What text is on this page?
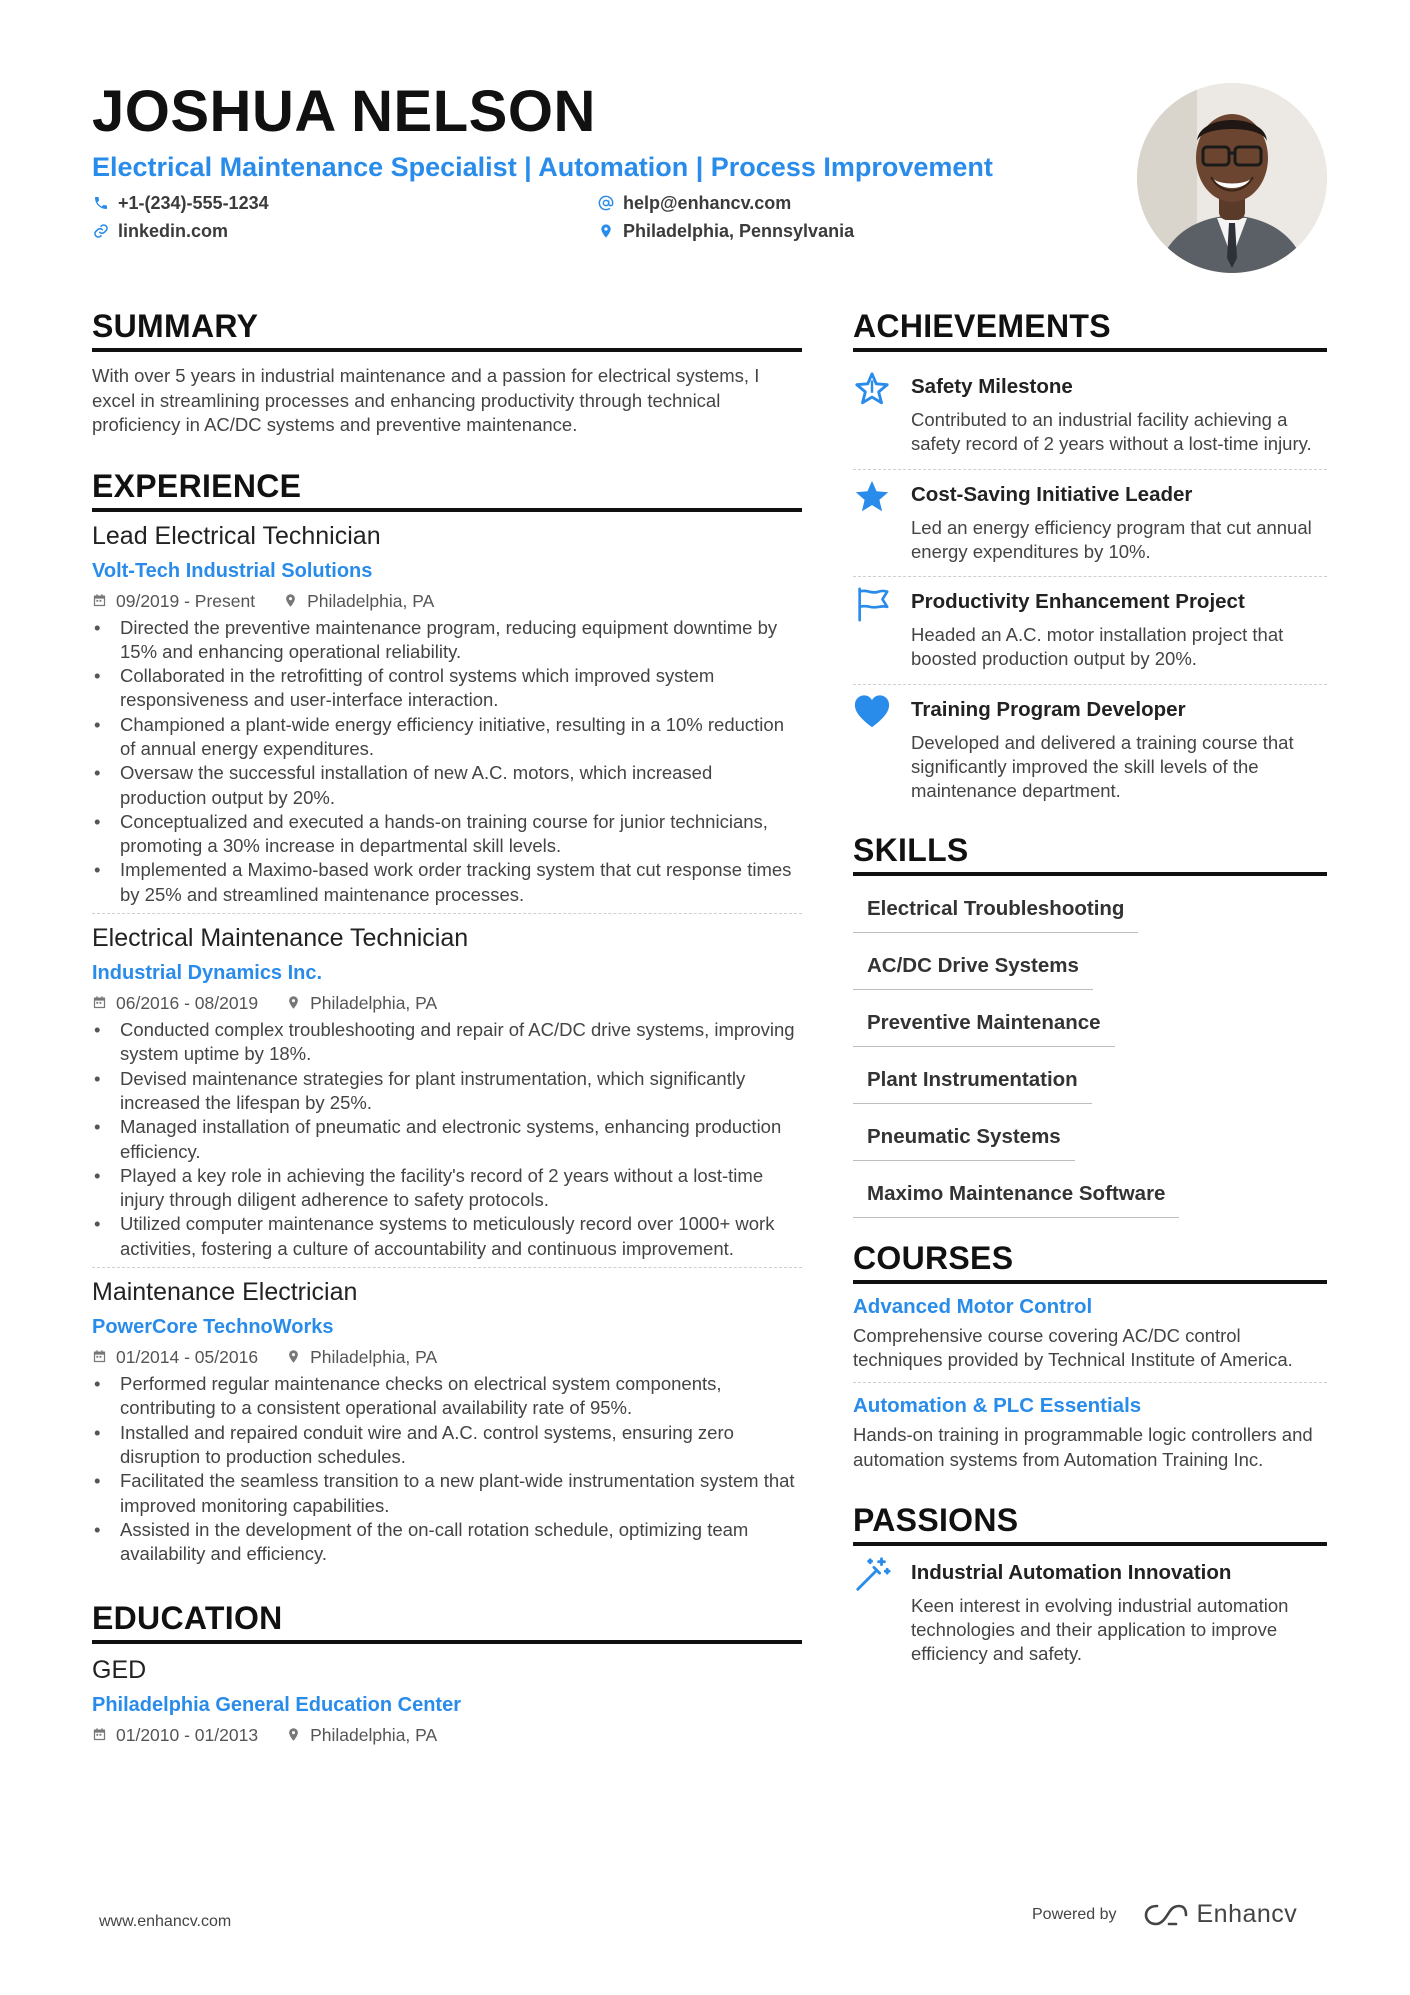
JOSHUA NELSON
Electrical Maintenance Specialist | Automation | Process Improvement
+1-(234)-555-1234	help@enhancv.com
linkedin.com	Philadelphia, Pennsylvania
SUMMARY
With over 5 years in industrial maintenance and a passion for electrical systems, I excel in streamlining processes and enhancing productivity through technical proficiency in AC/DC systems and preventive maintenance.
EXPERIENCE
Lead Electrical Technician
Volt-Tech Industrial Solutions
09/2019 - Present	Philadelphia, PA
• Directed the preventive maintenance program, reducing equipment downtime by 15% and enhancing operational reliability.
• Collaborated in the retrofitting of control systems which improved system responsiveness and user-interface interaction.
• Championed a plant-wide energy efficiency initiative, resulting in a 10% reduction of annual energy expenditures.
• Oversaw the successful installation of new A.C. motors, which increased production output by 20%.
• Conceptualized and executed a hands-on training course for junior technicians, promoting a 30% increase in departmental skill levels.
• Implemented a Maximo-based work order tracking system that cut response times by 25% and streamlined maintenance processes.
Electrical Maintenance Technician
Industrial Dynamics Inc.
06/2016 - 08/2019	Philadelphia, PA
• Conducted complex troubleshooting and repair of AC/DC drive systems, improving system uptime by 18%.
• Devised maintenance strategies for plant instrumentation, which significantly increased the lifespan by 25%.
• Managed installation of pneumatic and electronic systems, enhancing production efficiency.
• Played a key role in achieving the facility's record of 2 years without a lost-time injury through diligent adherence to safety protocols.
• Utilized computer maintenance systems to meticulously record over 1000+ work activities, fostering a culture of accountability and continuous improvement.
Maintenance Electrician
PowerCore TechnoWorks
01/2014 - 05/2016	Philadelphia, PA
• Performed regular maintenance checks on electrical system components, contributing to a consistent operational availability rate of 95%.
• Installed and repaired conduit wire and A.C. control systems, ensuring zero disruption to production schedules.
• Facilitated the seamless transition to a new plant-wide instrumentation system that improved monitoring capabilities.
• Assisted in the development of the on-call rotation schedule, optimizing team availability and efficiency.
EDUCATION
GED
Philadelphia General Education Center
01/2010 - 01/2013	Philadelphia, PA
ACHIEVEMENTS
Safety Milestone
Contributed to an industrial facility achieving a safety record of 2 years without a lost-time injury.
Cost-Saving Initiative Leader
Led an energy efficiency program that cut annual energy expenditures by 10%.
Productivity Enhancement Project
Headed an A.C. motor installation project that boosted production output by 20%.
Training Program Developer
Developed and delivered a training course that significantly improved the skill levels of the maintenance department.
SKILLS
Electrical Troubleshooting
AC/DC Drive Systems
Preventive Maintenance
Plant Instrumentation
Pneumatic Systems
Maximo Maintenance Software
COURSES
Advanced Motor Control
Comprehensive course covering AC/DC control techniques provided by Technical Institute of America.
Automation & PLC Essentials
Hands-on training in programmable logic controllers and automation systems from Automation Training Inc.
PASSIONS
Industrial Automation Innovation
Keen interest in evolving industrial automation technologies and their application to improve efficiency and safety.
www.enhancv.com	Powered by	Enhancv
